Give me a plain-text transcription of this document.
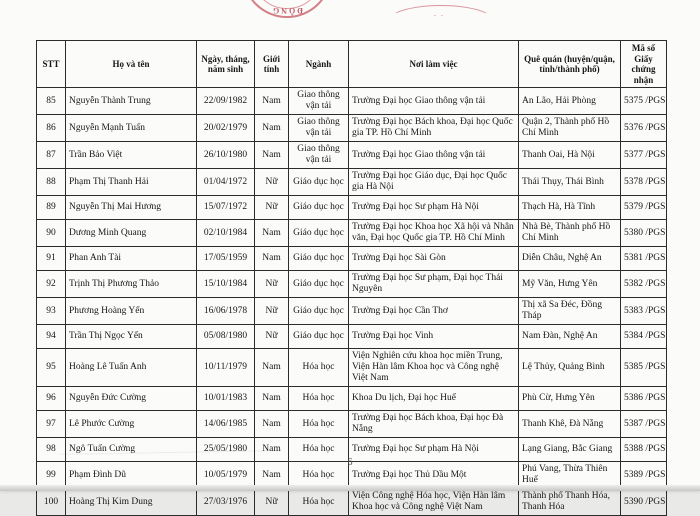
ĐÔNG
STT	Họ và tên	Ngày, tháng, năm sinh	Giới tính	Ngành	Nơi làm việc	Quê quán (huyện/quận, tỉnh/thành phố)	Mã số Giấy chứng nhận
85	Nguyễn Thành Trung	22/09/1982	Nam	Giao thông vận tải	Trường Đại học Giao thông vận tải	An Lão, Hải Phòng	5375 /PGS
86	Nguyễn Mạnh Tuấn	20/02/1979	Nam	Giao thông vận tải	Trường Đại học Bách khoa, Đại học Quốc gia TP. Hồ Chí Minh	Quận 2, Thành phố Hồ Chí Minh	5376 /PGS
87	Trần Bảo Việt	26/10/1980	Nam	Giao thông vận tải	Trường Đại học Giao thông vận tải	Thanh Oai, Hà Nội	5377 /PGS
88	Phạm Thị Thanh Hải	01/04/1972	Nữ	Giáo dục học	Trường Đại học Giáo dục, Đại học Quốc gia Hà Nội	Thái Thụy, Thái Bình	5378 /PGS
89	Nguyễn Thị Mai Hương	15/07/1972	Nữ	Giáo dục học	Trường Đại học Sư phạm Hà Nội	Thạch Hà, Hà Tĩnh	5379 /PGS
90	Dương Minh Quang	02/10/1984	Nam	Giáo dục học	Trường Đại học Khoa học Xã hội và Nhân văn, Đại học Quốc gia TP. Hồ Chí Minh	Nhà Bè, Thành phố Hồ Chí Minh	5380 /PGS
91	Phan Anh Tài	17/05/1959	Nam	Giáo dục học	Trường Đại học Sài Gòn	Diễn Châu, Nghệ An	5381 /PGS
92	Trịnh Thị Phương Thảo	15/10/1984	Nữ	Giáo dục học	Trường Đại học Sư phạm, Đại học Thái Nguyên	Mỹ Văn, Hưng Yên	5382 /PGS
93	Phương Hoàng Yến	16/06/1978	Nữ	Giáo dục học	Trường Đại học Cần Thơ	Thị xã Sa Đéc, Đồng Tháp	5383 /PGS
94	Trần Thị Ngọc Yến	05/08/1980	Nữ	Giáo dục học	Trường Đại học Vinh	Nam Đàn, Nghệ An	5384 /PGS
95	Hoàng Lê Tuấn Anh	10/11/1979	Nam	Hóa học	Viện Nghiên cứu khoa học miền Trung, Viện Hàn lâm Khoa học và Công nghệ Việt Nam	Lệ Thủy, Quảng Bình	5385 /PGS
96	Nguyễn Đức Cường	10/01/1983	Nam	Hóa học	Khoa Du lịch, Đại học Huế	Phù Cừ, Hưng Yên	5386 /PGS
97	Lê Phước Cường	14/06/1985	Nam	Hóa học	Trường Đại học Bách khoa, Đại học Đà Nẵng	Thanh Khê, Đà Nẵng	5387 /PGS
98	Ngô Tuấn Cường	25/05/1980	Nam	Hóa học	Trường Đại học Sư phạm Hà Nội	Lạng Giang, Bắc Giang	5388 /PGS
99	Phạm Đình Dũ	10/05/1979	Nam	Hóa học	Trường Đại học Thủ Dầu Một	Phú Vang, Thừa Thiên Huế	5389 /PGS
100	Hoàng Thị Kim Dung	27/03/1976	Nữ	Hóa học	Viện Công nghệ Hóa học, Viện Hàn lâm Khoa học và Công nghệ Việt Nam	Thành phố Thanh Hóa, Thanh Hóa	5390 /PGS
6
